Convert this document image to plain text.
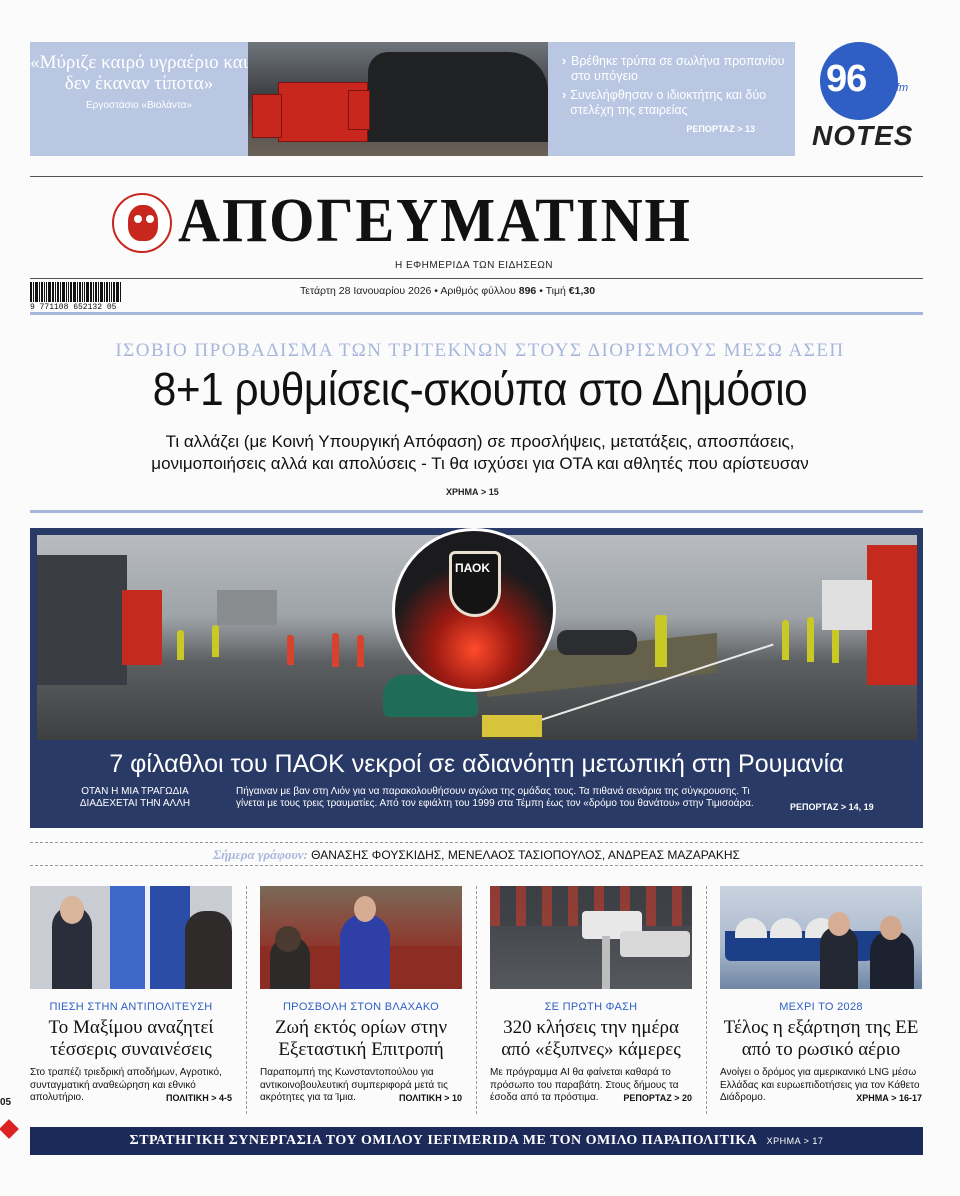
«Μύριζε καιρό υγραέριο και δεν έκαναν τίποτα»
Εργοστάσιο «Βιολάντα»
› Βρέθηκε τρύπα σε σωλήνα προπανίου στο υπόγειο
› Συνελήφθησαν ο ιδιοκτήτης και δύο στελέχη της εταιρείας
ΡΕΠΟΡΤΑΖ > 13
96	fm
NOTES
ΑΠΟΓΕΥΜΑΤΙΝΗ
Η ΕΦΗΜΕΡΙΔΑ ΤΩΝ ΕΙΔΗΣΕΩΝ
9 771108 652132 05
Τετάρτη 28 Ιανουαρίου 2026 • Αριθμός φύλλου 896 • Τιμή €1,30
ΙΣΟΒΙΟ ΠΡΟΒΑΔΙΣΜΑ ΤΩΝ ΤΡΙΤΕΚΝΩΝ ΣΤΟΥΣ ΔΙΟΡΙΣΜΟΥΣ ΜΕΣΩ ΑΣΕΠ
8+1 ρυθμίσεις-σκούπα στο Δημόσιο
Τι αλλάζει (με Κοινή Υπουργική Απόφαση) σε προσλήψεις, μετατάξεις, αποσπάσεις,
μονιμοποιήσεις αλλά και απολύσεις - Τι θα ισχύσει για ΟΤΑ και αθλητές που αρίστευσαν
ΧΡΗΜΑ > 15
ΠΑΟΚ
7 φίλαθλοι του ΠΑΟΚ νεκροί σε αδιανόητη μετωπική στη Ρουμανία
ΟΤΑΝ Η ΜΙΑ ΤΡΑΓΩΔΙΑ
ΔΙΑΔΕΧΕΤΑΙ ΤΗΝ ΑΛΛΗ
Πήγαιναν με βαν στη Λιόν για να παρακολουθήσουν αγώνα της ομάδας τους. Τα πιθανά σενάρια της σύγκρουσης. Τι γίνεται με τους τρεις τραυματίες. Από τον εφιάλτη του 1999 στα Τέμπη έως τον «δρόμο του θανάτου» στην Τιμισοάρα.	ΡΕΠΟΡΤΑΖ > 14, 19
Σήμερα γράφουν: ΘΑΝΑΣΗΣ ΦΟΥΣΚΙΔΗΣ, ΜΕΝΕΛΑΟΣ ΤΑΣΙΟΠΟΥΛΟΣ, ΑΝΔΡΕΑΣ ΜΑΖΑΡΑΚΗΣ
ΠΙΕΣΗ ΣΤΗΝ ΑΝΤΙΠΟΛΙΤΕΥΣΗ
Το Μαξίμου αναζητεί τέσσερις συναινέσεις
Στο τραπέζι τριεδρική αποδήμων, Αγροτικό, συνταγματική αναθεώρηση και εθνικό απολυτήριο.	ΠΟΛΙΤΙΚΗ > 4-5
ΠΡΟΣΒΟΛΗ ΣΤΟΝ ΒΛΑΧΑΚΟ
Ζωή εκτός ορίων στην Εξεταστική Επιτροπή
Παραπομπή της Κωνσταντοπούλου για αντικοινοβουλευτική συμπεριφορά μετά τις ακρότητες για τα Ίμια.	ΠΟΛΙΤΙΚΗ > 10
ΣΕ ΠΡΩΤΗ ΦΑΣΗ
320 κλήσεις την ημέρα από «έξυπνες» κάμερες
Με πρόγραμμα AI θα φαίνεται καθαρά το πρόσωπο του παραβάτη. Στους δήμους τα έσοδα από τα πρόστιμα.	ΡΕΠΟΡΤΑΖ > 20
ΜΕΧΡΙ ΤΟ 2028
Τέλος η εξάρτηση της ΕΕ από το ρωσικό αέριο
Ανοίγει ο δρόμος για αμερικανικό LNG μέσω Ελλάδας και ευρωεπιδοτήσεις για τον Κάθετο Διάδρομο.	ΧΡΗΜΑ > 16-17
ΣΤΡΑΤΗΓΙΚΗ ΣΥΝΕΡΓΑΣΙΑ ΤΟΥ ΟΜΙΛΟΥ IEFIMERIDA ΜΕ ΤΟΝ ΟΜΙΛΟ ΠΑΡΑΠΟΛΙΤΙΚΑ ΧΡΗΜΑ > 17
05
